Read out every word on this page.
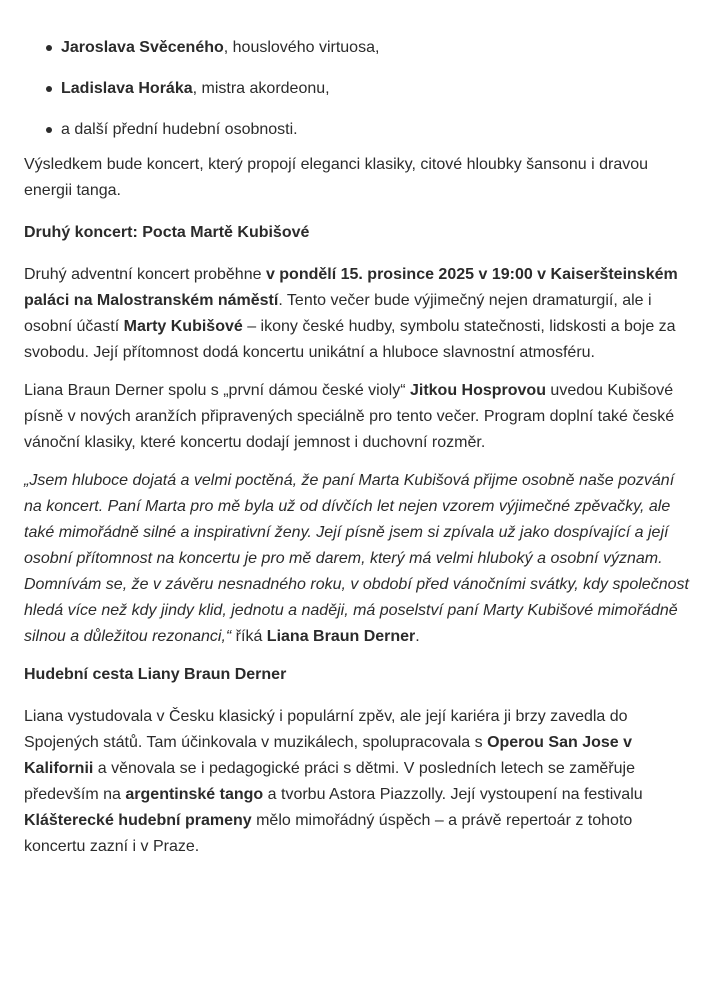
Jaroslava Svěceného, houslového virtuosa,
Ladislava Horáka, mistra akordeonu,
a další přední hudební osobnosti.

Výsledkem bude koncert, který propojí eleganci klasiky, citové hloubky šansonu i dravou energii tanga.

Druhý koncert: Pocta Martě Kubišové

Druhý adventní koncert proběhne v pondělí 15. prosince 2025 v 19:00 v Kaiseršteinském paláci na Malostranském náměstí. Tento večer bude výjimečný nejen dramaturgií, ale i osobní účastí Marty Kubišové – ikony české hudby, symbolu statečnosti, lidskosti a boje za svobodu. Její přítomnost dodá koncertu unikátní a hluboce slavnostní atmosféru.

Liana Braun Derner spolu s „první dámou české violy“ Jitkou Hosprovou uvedou Kubišové písně v nových aranžích připravených speciálně pro tento večer. Program doplní také české vánoční klasiky, které koncertu dodají jemnost i duchovní rozměr.

„Jsem hluboce dojatá a velmi poctěná, že paní Marta Kubišová přijme osobně naše pozvání na koncert. Paní Marta pro mě byla už od dívčích let nejen vzorem výjimečné zpěvačky, ale také mimořádně silné a inspirativní ženy. Její písně jsem si zpívala už jako dospívající a její osobní přítomnost na koncertu je pro mě darem, který má velmi hluboký a osobní význam. Domnívám se, že v závěru nesnadného roku, v období před vánočními svátky, kdy společnost hledá více než kdy jindy klid, jednotu a naději, má poselství paní Marty Kubišové mimořádně silnou a důležitou rezonanci,“ říká Liana Braun Derner.

Hudební cesta Liany Braun Derner

Liana vystudovala v Česku klasický i populární zpěv, ale její kariéra ji brzy zavedla do Spojených států. Tam účinkovala v muzikálech, spolupracovala s Operou San Jose v Kalifornii a věnovala se i pedagogické práci s dětmi. V posledních letech se zaměřuje především na argentinské tango a tvorbu Astora Piazzolly. Její vystoupení na festivalu Klášterecké hudební prameny mělo mimořádný úspěch – a právě repertoár z tohoto koncertu zazní i v Praze.
